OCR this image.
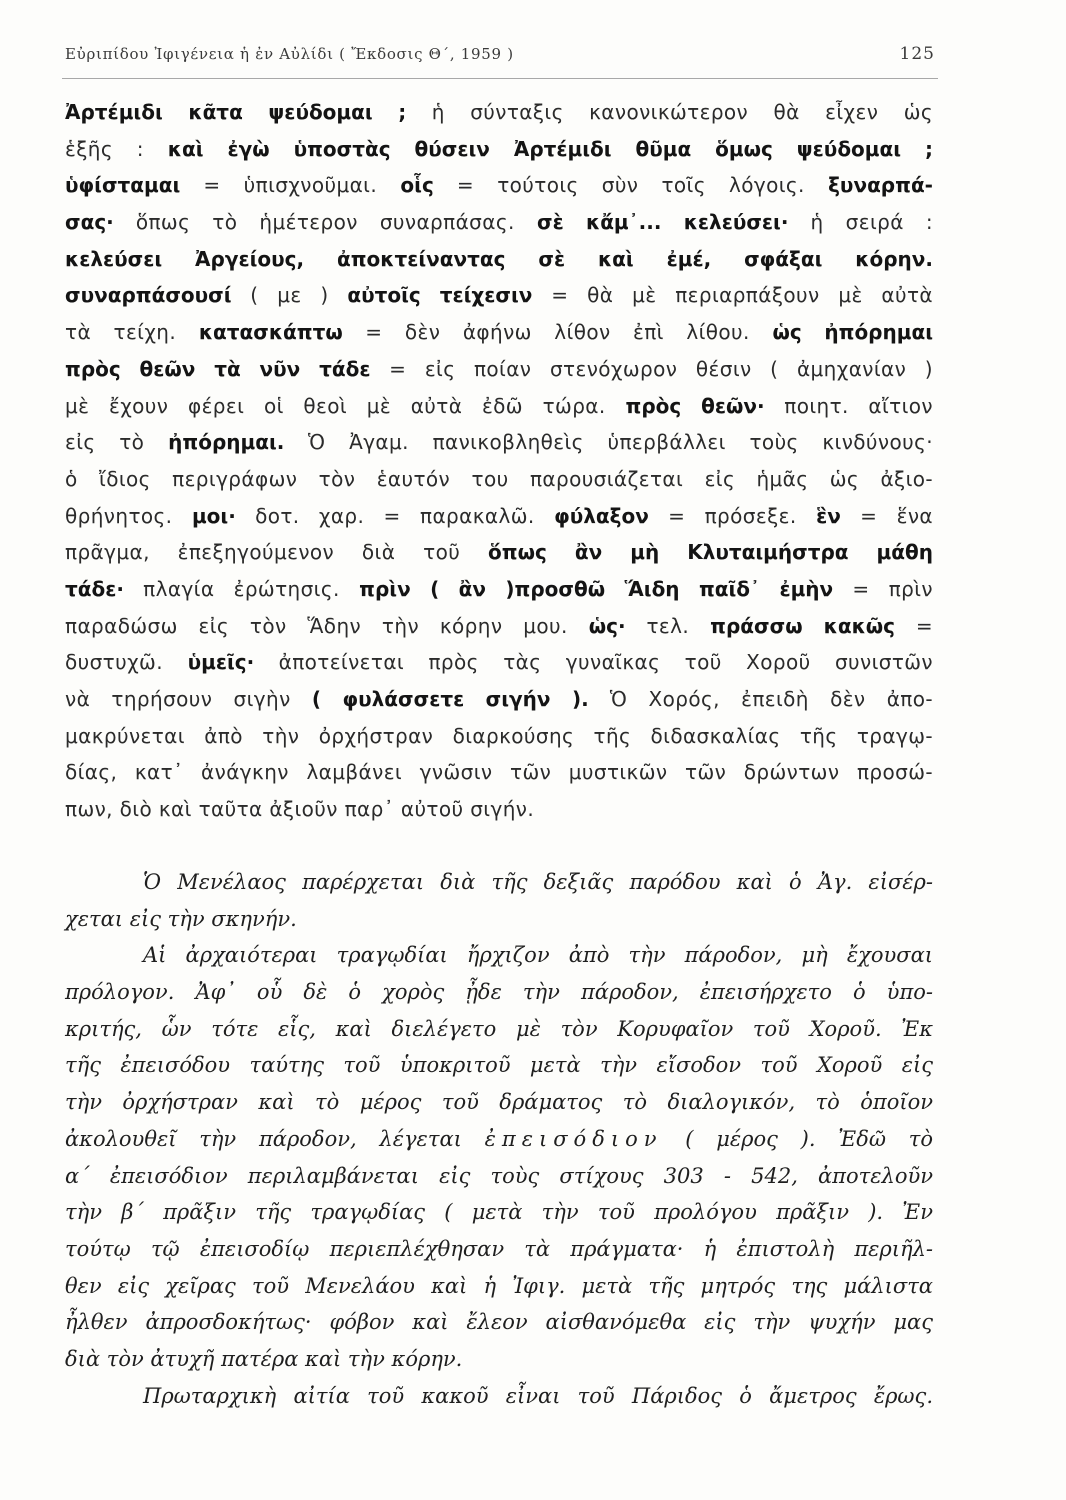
Εὐριπίδου Ἰφιγένεια ἡ ἐν Αὐλίδι ( Ἔκδοσις Θ΄, 1959 )	125
Ἀρτέμιδι κᾶτα ψεύδομαι ; ἡ σύνταξις κανονικώτερον θὰ εἶχεν ὡς
ἑξῆς : καὶ ἐγὼ ὑποστὰς θύσειν Ἀρτέμιδι θῦμα ὅμως ψεύδομαι ;
ὑφίσταμαι = ὑπισχνοῦμαι. οἷς = τούτοις σὺν τοῖς λόγοις. ξυναρπά-
σας· ὅπως τὸ ἡμέτερον συναρπάσας. σὲ κἄμ᾿... κελεύσει· ἡ σειρά :
κελεύσει Ἀργείους, ἀποκτείναντας σὲ καὶ ἐμέ, σφάξαι κόρην.
συναρπάσουσί ( με ) αὐτοῖς τείχεσιν = θὰ μὲ περιαρπάξουν μὲ αὐτὰ
τὰ τείχη. κατασκάπτω = δὲν ἀφήνω λίθον ἐπὶ λίθου. ὡς ἠπόρημαι
πρὸς θεῶν τὰ νῦν τάδε = εἰς ποίαν στενόχωρον θέσιν ( ἀμηχανίαν )
μὲ ἔχουν φέρει οἱ θεοὶ μὲ αὐτὰ ἐδῶ τώρα. πρὸς θεῶν· ποιητ. αἴτιον
εἰς τὸ ἠπόρημαι. Ὁ Ἀγαμ. πανικοβληθεὶς ὑπερβάλλει τοὺς κινδύνους·
ὁ ἴδιος περιγράφων τὸν ἑαυτόν του παρουσιάζεται εἰς ἡμᾶς ὡς ἀξιο-
θρήνητος. μοι· δοτ. χαρ. = παρακαλῶ. φύλαξον = πρόσεξε. ἓν = ἕνα
πρᾶγμα, ἐπεξηγούμενον διὰ τοῦ ὅπως ἂν μὴ Κλυταιμήστρα μάθη
τάδε· πλαγία ἐρώτησις. πρὶν ( ἂν )προσθῶ Ἅιδη παῖδ᾿ ἐμὴν = πρὶν
παραδώσω εἰς τὸν Ἅδην τὴν κόρην μου. ὡς· τελ. πράσσω κακῶς =
δυστυχῶ. ὑμεῖς· ἀποτείνεται πρὸς τὰς γυναῖκας τοῦ Χοροῦ συνιστῶν
νὰ τηρήσουν σιγὴν ( φυλάσσετε σιγήν ). Ὁ Χορός, ἐπειδὴ δὲν ἀπο-
μακρύνεται ἀπὸ τὴν ὀρχήστραν διαρκούσης τῆς διδασκαλίας τῆς τραγῳ-
δίας, κατ᾿ ἀνάγκην λαμβάνει γνῶσιν τῶν μυστικῶν τῶν δρώντων προσώ-
πων, διὸ καὶ ταῦτα ἀξιοῦν παρ᾿ αὐτοῦ σιγήν.
Ὁ Μενέλαος παρέρχεται διὰ τῆς δεξιᾶς παρόδου καὶ ὁ Ἀγ. εἰσέρ-
χεται εἰς τὴν σκηνήν.
Αἱ ἀρχαιότεραι τραγῳδίαι ἤρχιζον ἀπὸ τὴν πάροδον, μὴ ἔχουσαι
πρόλογον. Ἀφ᾿ οὗ δὲ ὁ χορὸς ᾖδε τὴν πάροδον, ἐπεισήρχετο ὁ ὑπο-
κριτής, ὧν τότε εἷς, καὶ διελέγετο μὲ τὸν Κορυφαῖον τοῦ Χοροῦ. Ἐκ
τῆς ἐπεισόδου ταύτης τοῦ ὑποκριτοῦ μετὰ τὴν εἴσοδον τοῦ Χοροῦ εἰς
τὴν ὀρχήστραν καὶ τὸ μέρος τοῦ δράματος τὸ διαλογικόν, τὸ ὁποῖον
ἀκολουθεῖ τὴν πάροδον, λέγεται ἐπεισόδιον ( μέρος ). Ἐδῶ τὸ
α΄ ἐπεισόδιον περιλαμβάνεται εἰς τοὺς στίχους 303 - 542, ἀποτελοῦν
τὴν β΄ πρᾶξιν τῆς τραγῳδίας ( μετὰ τὴν τοῦ προλόγου πρᾶξιν ). Ἐν
τούτῳ τῷ ἐπεισοδίῳ περιεπλέχθησαν τὰ πράγματα· ἡ ἐπιστολὴ περιῆλ-
θεν εἰς χεῖρας τοῦ Μενελάου καὶ ἡ Ἰφιγ. μετὰ τῆς μητρός της μάλιστα
ἦλθεν ἀπροσδοκήτως· φόβον καὶ ἔλεον αἰσθανόμεθα εἰς τὴν ψυχήν μας
διὰ τὸν ἀτυχῆ πατέρα καὶ τὴν κόρην.
Πρωταρχικὴ αἰτία τοῦ κακοῦ εἶναι τοῦ Πάριδος ὁ ἄμετρος ἔρως.
